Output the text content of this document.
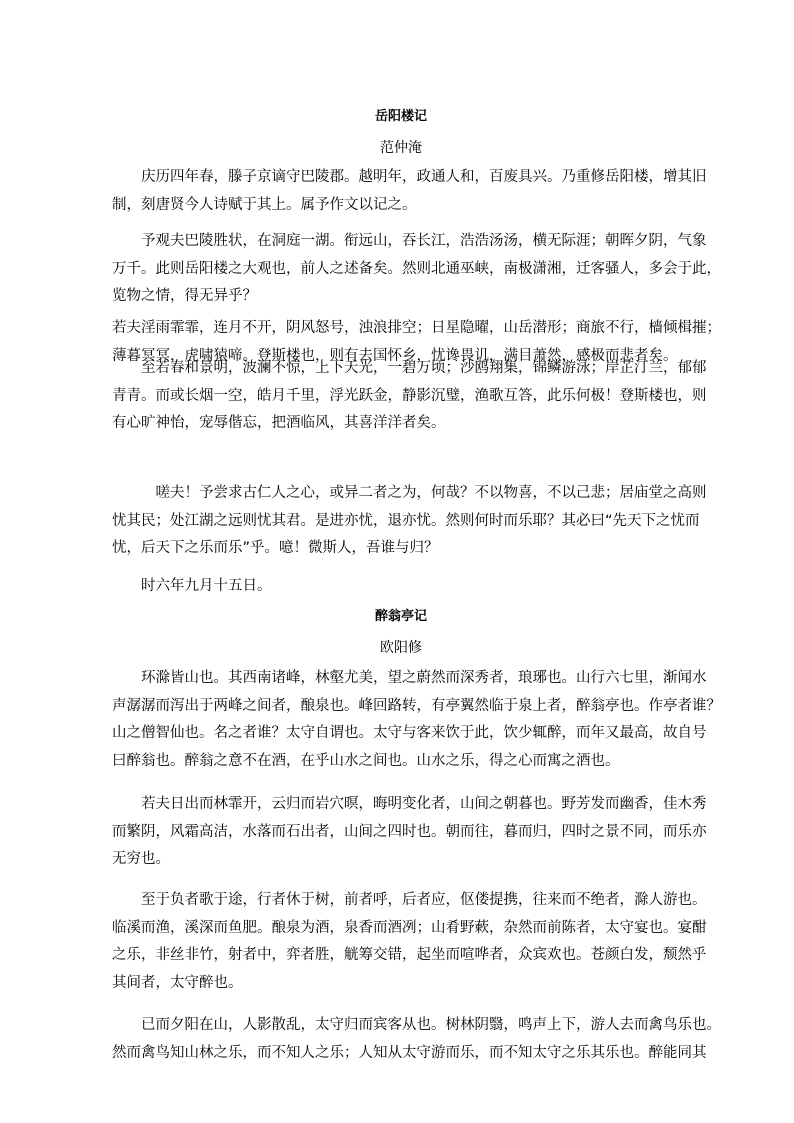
岳阳楼记
范仲淹

　　庆历四年春，滕子京谪守巴陵郡。越明年，政通人和，百废具兴。乃重修岳阳楼，增其旧
制，刻唐贤今人诗赋于其上。属予作文以记之。

　　予观夫巴陵胜状，在洞庭一湖。衔远山，吞长江，浩浩汤汤，横无际涯；朝晖夕阴，气象
万千。此则岳阳楼之大观也，前人之述备矣。然则北通巫峡，南极潇湘，迁客骚人，多会于此，
览物之情，得无异乎？

若夫淫雨霏霏，连月不开，阴风怒号，浊浪排空；日星隐曜，山岳潜形；商旅不行，樯倾楫摧；
薄暮冥冥，虎啸猿啼。登斯楼也，则有去国怀乡，忧谗畏讥，满目萧然，感极而悲者矣。

　　至若春和景明，波澜不惊，上下天光，一碧万顷；沙鸥翔集，锦鳞游泳；岸芷汀兰，郁郁
青青。而或长烟一空，皓月千里，浮光跃金，静影沉璧，渔歌互答，此乐何极！登斯楼也，则
有心旷神怡，宠辱偕忘，把酒临风，其喜洋洋者矣。

　　　嗟夫！予尝求古仁人之心，或异二者之为，何哉？不以物喜，不以己悲；居庙堂之高则
忧其民；处江湖之远则忧其君。是进亦忧，退亦忧。然则何时而乐耶？其必曰“先天下之忧而
忧，后天下之乐而乐”乎。噫！微斯人，吾谁与归？

　　时六年九月十五日。

醉翁亭记
欧阳修

　　环滁皆山也。其西南诸峰，林壑尤美，望之蔚然而深秀者，琅琊也。山行六七里，渐闻水
声潺潺而泻出于两峰之间者，酿泉也。峰回路转，有亭翼然临于泉上者，醉翁亭也。作亭者谁？
山之僧智仙也。名之者谁？太守自谓也。太守与客来饮于此，饮少辄醉，而年又最高，故自号
曰醉翁也。醉翁之意不在酒，在乎山水之间也。山水之乐，得之心而寓之酒也。

　　若夫日出而林霏开，云归而岩穴暝，晦明变化者，山间之朝暮也。野芳发而幽香，佳木秀
而繁阴，风霜高洁，水落而石出者，山间之四时也。朝而往，暮而归，四时之景不同，而乐亦
无穷也。

　　至于负者歌于途，行者休于树，前者呼，后者应，伛偻提携，往来而不绝者，滁人游也。
临溪而渔，溪深而鱼肥。酿泉为酒，泉香而酒冽；山肴野蔌，杂然而前陈者，太守宴也。宴酣
之乐，非丝非竹，射者中，弈者胜，觥筹交错，起坐而喧哗者，众宾欢也。苍颜白发，颓然乎
其间者，太守醉也。

　　已而夕阳在山，人影散乱，太守归而宾客从也。树林阴翳，鸣声上下，游人去而禽鸟乐也。
然而禽鸟知山林之乐，而不知人之乐；人知从太守游而乐，而不知太守之乐其乐也。醉能同其
